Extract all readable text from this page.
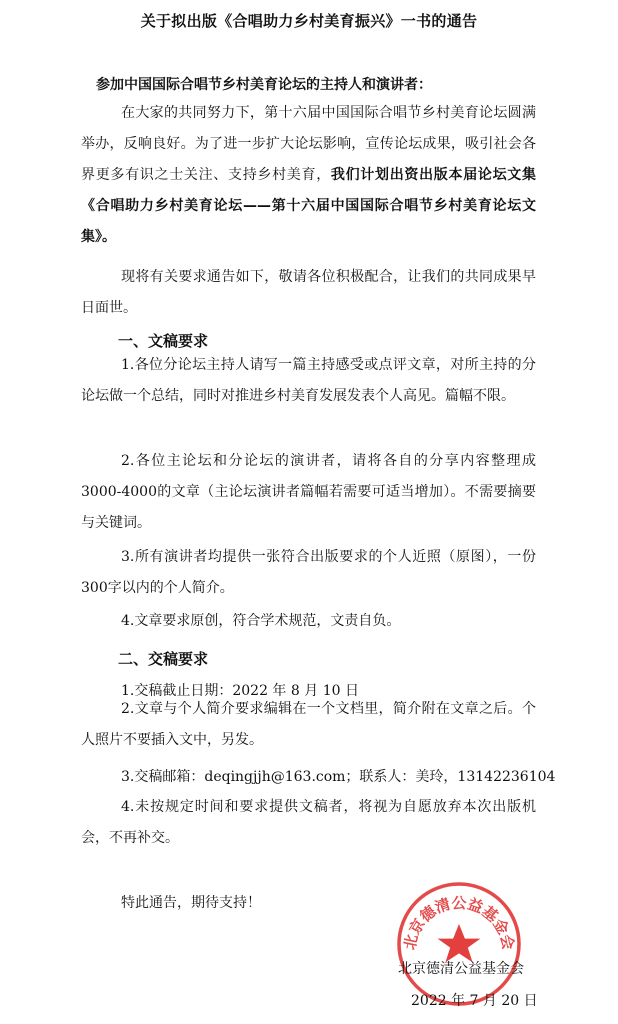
关于拟出版《合唱助力乡村美育振兴》一书的通告
参加中国国际合唱节乡村美育论坛的主持人和演讲者：

在大家的共同努力下，第十六届中国国际合唱节乡村美育论坛圆满举办，反响良好。为了进一步扩大论坛影响，宣传论坛成果，吸引社会各界更多有识之士关注、支持乡村美育，我们计划出资出版本届论坛文集《合唱助力乡村美育论坛——第十六届中国国际合唱节乡村美育论坛文集》。

现将有关要求通告如下，敬请各位积极配合，让我们的共同成果早日面世。

一、文稿要求

1.各位分论坛主持人请写一篇主持感受或点评文章，对所主持的分论坛做一个总结，同时对推进乡村美育发展发表个人高见。篇幅不限。

2.各位主论坛和分论坛的演讲者，请将各自的分享内容整理成3000-4000的文章（主论坛演讲者篇幅若需要可适当增加）。不需要摘要与关键词。

3.所有演讲者均提供一张符合出版要求的个人近照（原图），一份300字以内的个人简介。

4.文章要求原创，符合学术规范，文责自负。

二、交稿要求
1.交稿截止日期：2022 年 8 月 10 日

2.文章与个人简介要求编辑在一个文档里，简介附在文章之后。个人照片不要插入文中，另发。

3.交稿邮箱：deqingjjh@163.com；联系人：美玲，13142236104

4.未按规定时间和要求提供文稿者，将视为自愿放弃本次出版机会，不再补交。

特此通告，期待支持！
北京德清公益基金会
北京德清公益基金会
2022 年 7 月 20 日
